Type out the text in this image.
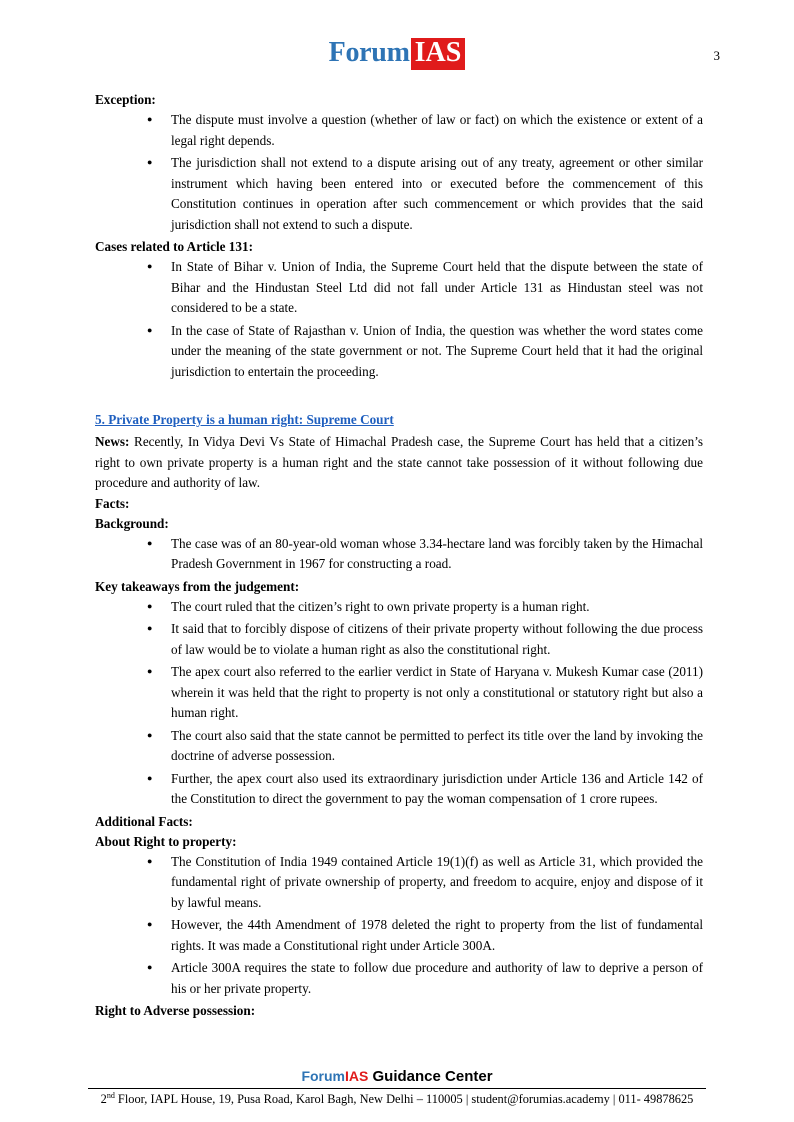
Forum IAS	3
Exception:
● The dispute must involve a question (whether of law or fact) on which the existence or extent of a legal right depends.
● The jurisdiction shall not extend to a dispute arising out of any treaty, agreement or other similar instrument which having been entered into or executed before the commencement of this Constitution continues in operation after such commencement or which provides that the said jurisdiction shall not extend to such a dispute.
Cases related to Article 131:
● In State of Bihar v. Union of India, the Supreme Court held that the dispute between the state of Bihar and the Hindustan Steel Ltd did not fall under Article 131 as Hindustan steel was not considered to be a state.
● In the case of State of Rajasthan v. Union of India, the question was whether the word states come under the meaning of the state government or not. The Supreme Court held that it had the original jurisdiction to entertain the proceeding.
5. Private Property is a human right: Supreme Court

News: Recently, In Vidya Devi Vs State of Himachal Pradesh case, the Supreme Court has held that a citizen’s right to own private property is a human right and the state cannot take possession of it without following due procedure and authority of law.

Facts:
Background:
● The case was of an 80-year-old woman whose 3.34-hectare land was forcibly taken by the Himachal Pradesh Government in 1967 for constructing a road.
Key takeaways from the judgement:
● The court ruled that the citizen’s right to own private property is a human right.
● It said that to forcibly dispose of citizens of their private property without following the due process of law would be to violate a human right as also the constitutional right.
● The apex court also referred to the earlier verdict in State of Haryana v. Mukesh Kumar case (2011) wherein it was held that the right to property is not only a constitutional or statutory right but also a human right.
● The court also said that the state cannot be permitted to perfect its title over the land by invoking the doctrine of adverse possession.
● Further, the apex court also used its extraordinary jurisdiction under Article 136 and Article 142 of the Constitution to direct the government to pay the woman compensation of 1 crore rupees.
Additional Facts:
About Right to property:
● The Constitution of India 1949 contained Article 19(1)(f) as well as Article 31, which provided the fundamental right of private ownership of property, and freedom to acquire, enjoy and dispose of it by lawful means.
● However, the 44th Amendment of 1978 deleted the right to property from the list of fundamental rights. It was made a Constitutional right under Article 300A.
● Article 300A requires the state to follow due procedure and authority of law to deprive a person of his or her private property.
Right to Adverse possession:
ForumIAS Guidance Center
2nd Floor, IAPL House, 19, Pusa Road, Karol Bagh, New Delhi – 110005 | student@forumias.academy | 011- 49878625
